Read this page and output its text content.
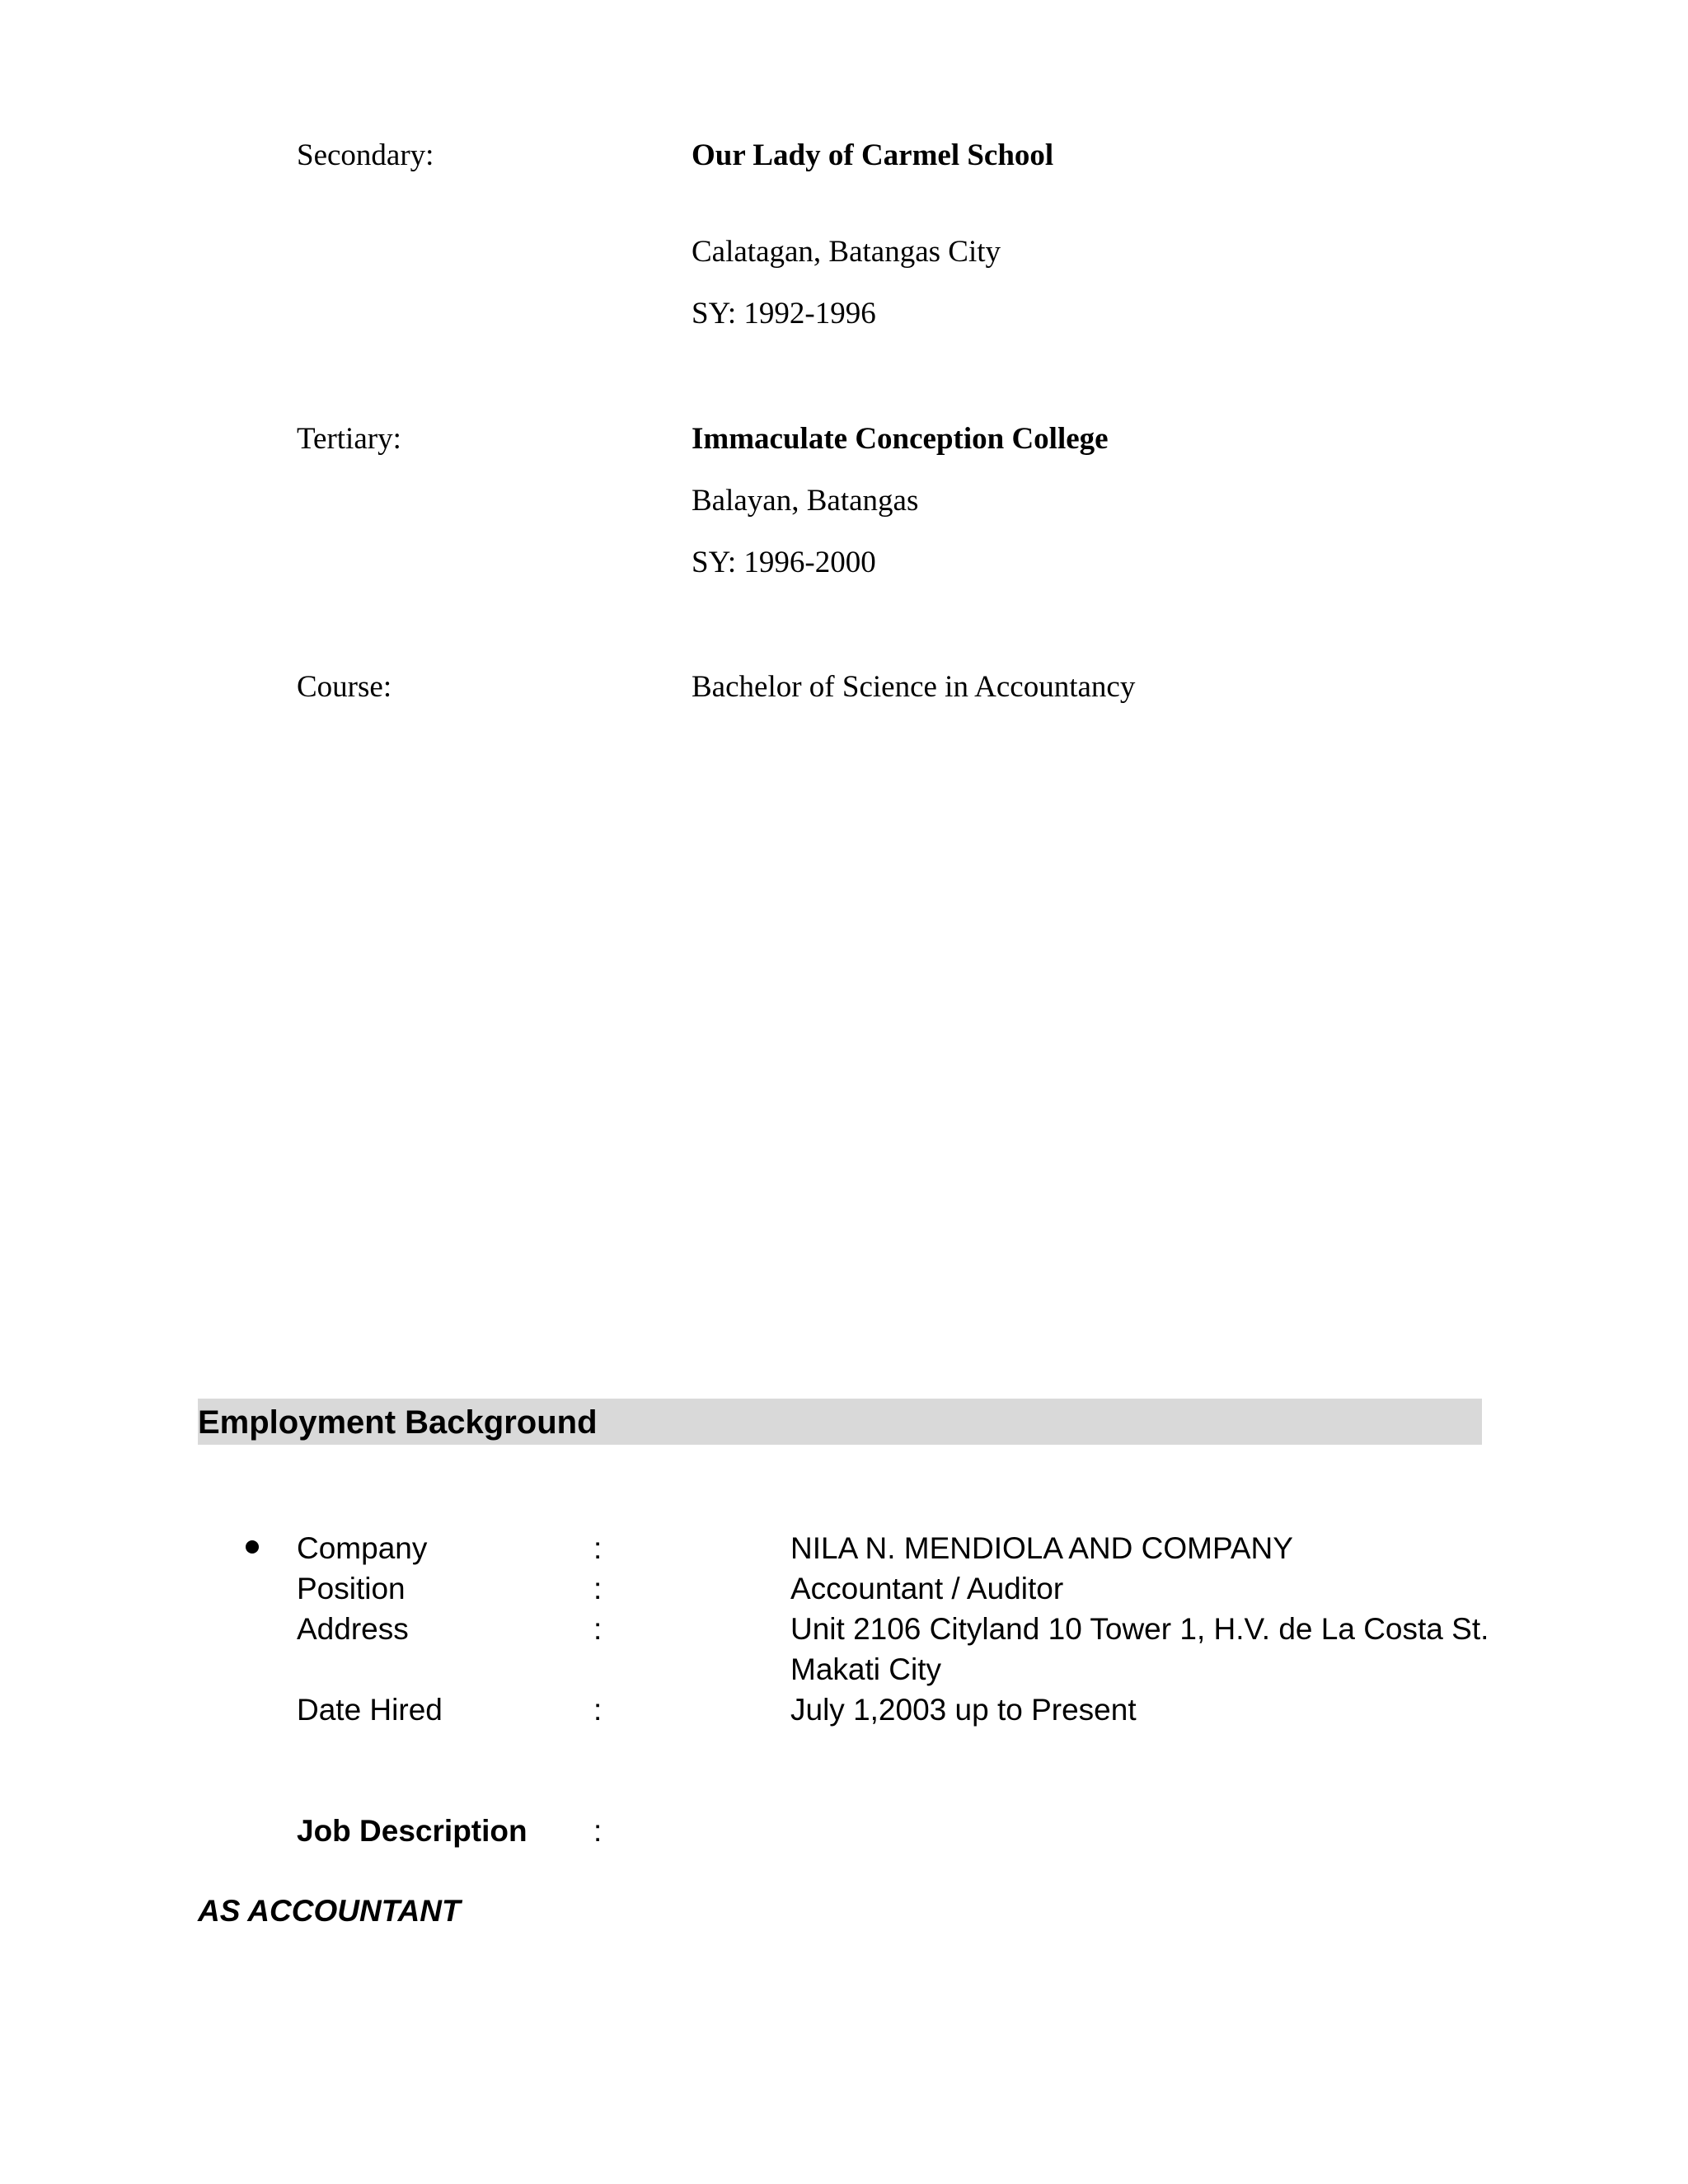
Secondary:	Our Lady of Carmel School
Calatagan, Batangas City
SY: 1992-1996
Tertiary:	Immaculate Conception College
Balayan, Batangas
SY: 1996-2000
Course:	Bachelor of Science in Accountancy
Employment Background
Company	:	NILA N. MENDIOLA AND COMPANY
Position	:	Accountant / Auditor
Address	:	Unit 2106 Cityland 10 Tower 1, H.V. de La Costa St.
Makati City
Date Hired	:	July 1,2003 up to Present
Job Description :
AS ACCOUNTANT
